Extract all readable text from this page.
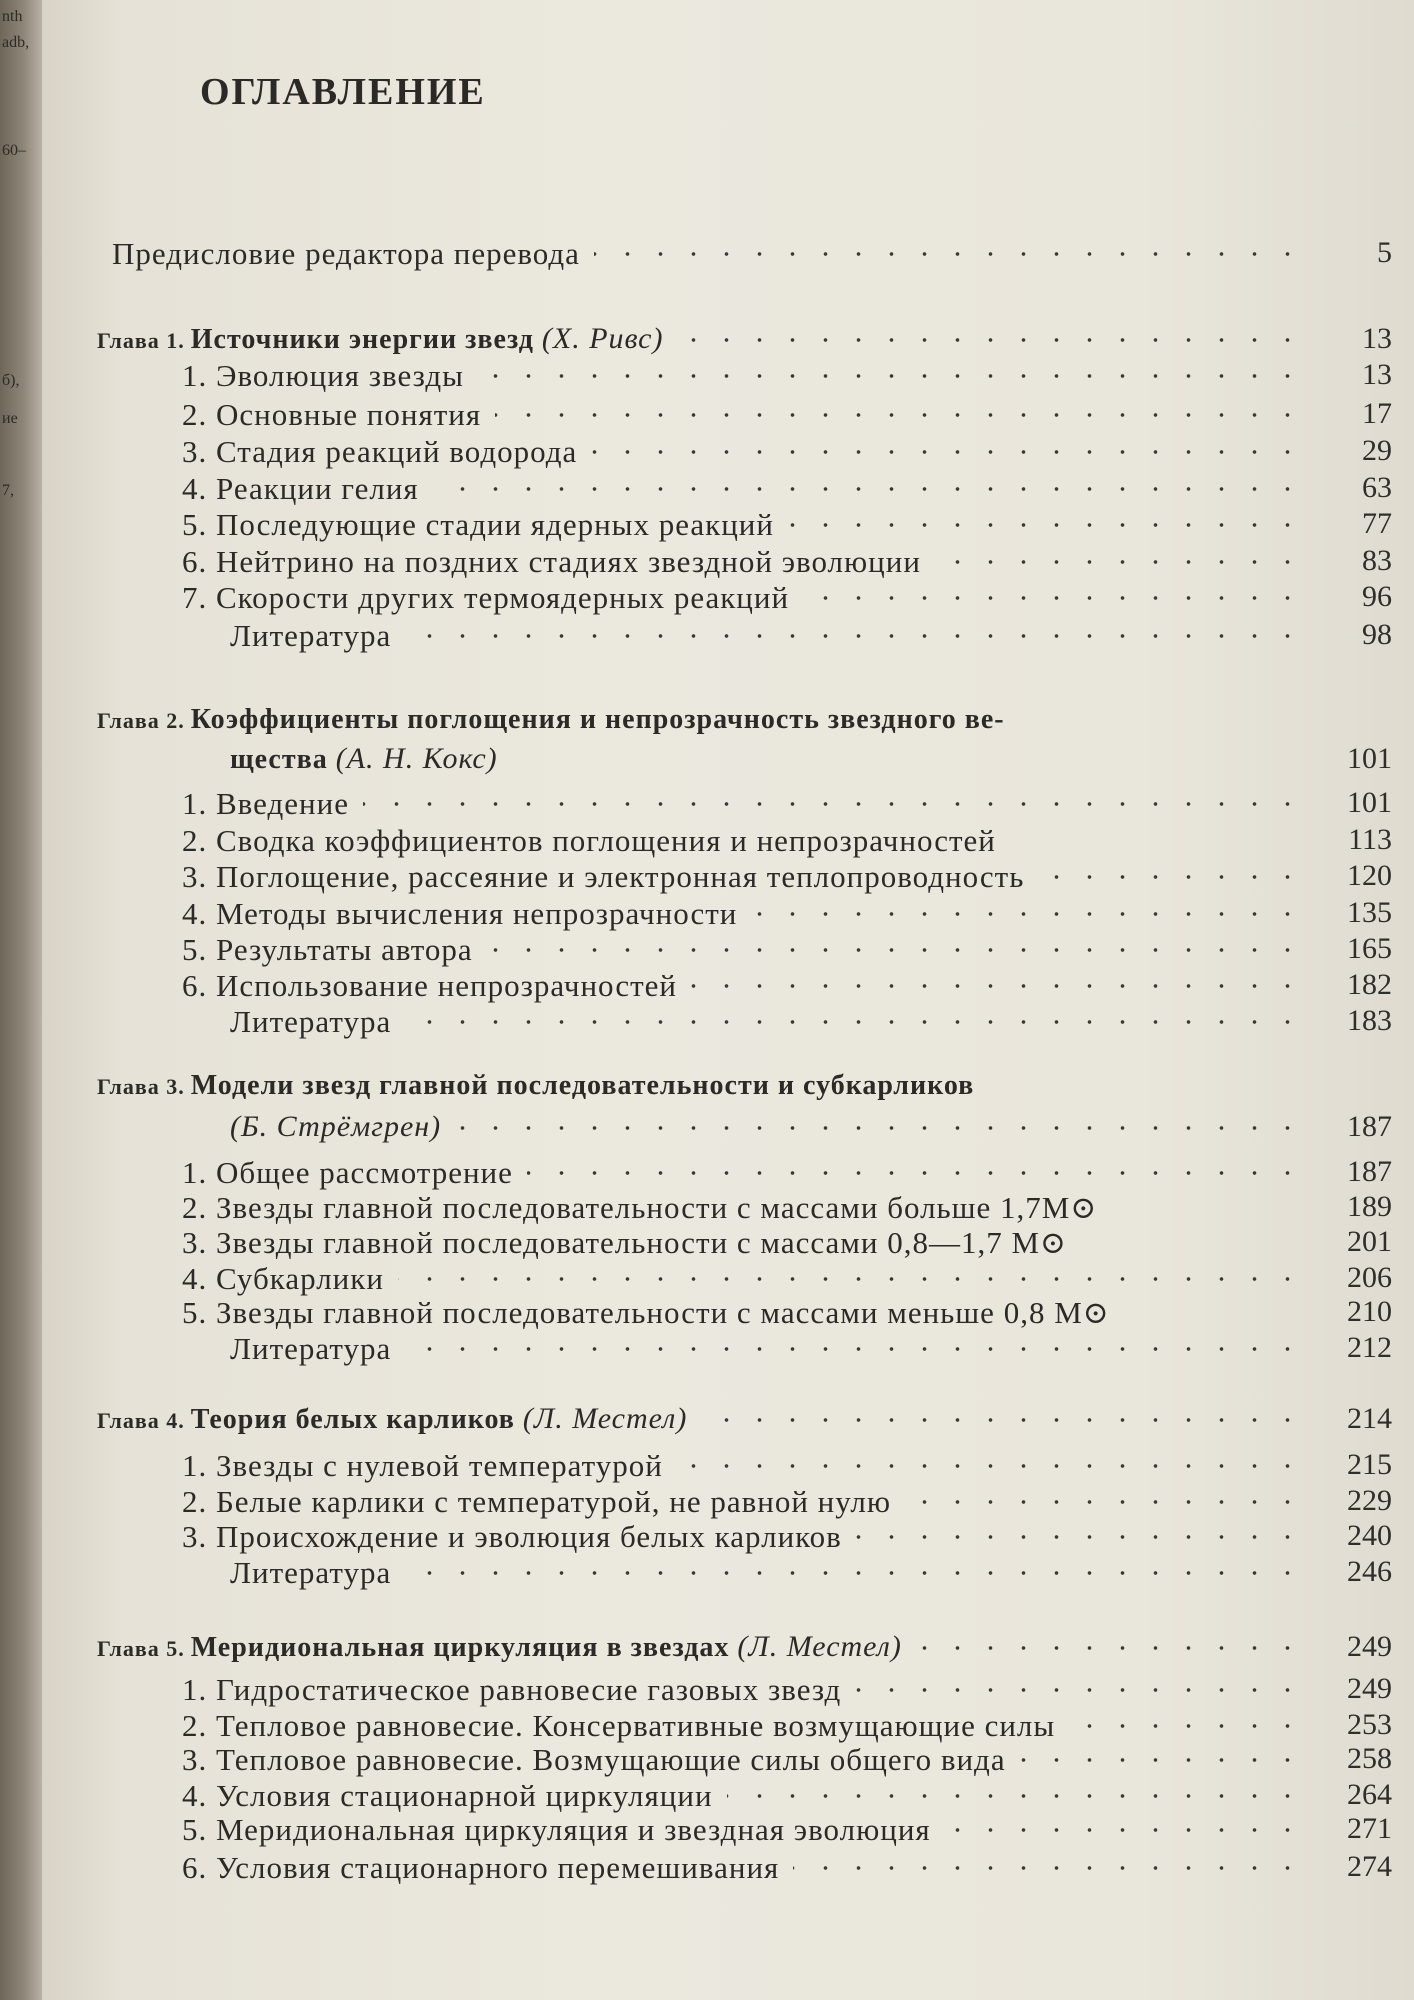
nth
adb,
60–
б),
ие
7,
ОГЛАВЛЕНИЕ
Предисловие редактора перевода	5
Глава 1. Источники энергии звезд (Х. Ривс)	13
1. Эволюция звезды	13
2. Основные понятия	17
3. Стадия реакций водорода	29
4. Реакции гелия	63
5. Последующие стадии ядерных реакций	77
6. Нейтрино на поздних стадиях звездной эволюции	83
7. Скорости других термоядерных реакций	96
Литература	98
Глава 2. Коэффициенты поглощения и непрозрачность звездного ве-
щества (А. Н. Кокс)	101
1. Введение	101
2. Сводка коэффициентов поглощения и непрозрачностей	113
3. Поглощение, рассеяние и электронная теплопроводность	120
4. Методы вычисления непрозрачности	135
5. Результаты автора	165
6. Использование непрозрачностей	182
Литература	183
Глава 3. Модели звезд главной последовательности и субкарликов
(Б. Стрёмгрен)	187
1. Общее рассмотрение	187
2. Звезды главной последовательности с массами больше 1,7M⊙	189
3. Звезды главной последовательности с массами 0,8—1,7 M⊙	201
4. Субкарлики	206
5. Звезды главной последовательности с массами меньше 0,8 M⊙	210
Литература	212
Глава 4. Теория белых карликов (Л. Местел)	214
1. Звезды с нулевой температурой	215
2. Белые карлики с температурой, не равной нулю	229
3. Происхождение и эволюция белых карликов	240
Литература	246
Глава 5. Меридиональная циркуляция в звездах (Л. Местел)	249
1. Гидростатическое равновесие газовых звезд	249
2. Тепловое равновесие. Консервативные возмущающие силы	253
3. Тепловое равновесие. Возмущающие силы общего вида	258
4. Условия стационарной циркуляции	264
5. Меридиональная циркуляция и звездная эволюция	271
6. Условия стационарного перемешивания	274
